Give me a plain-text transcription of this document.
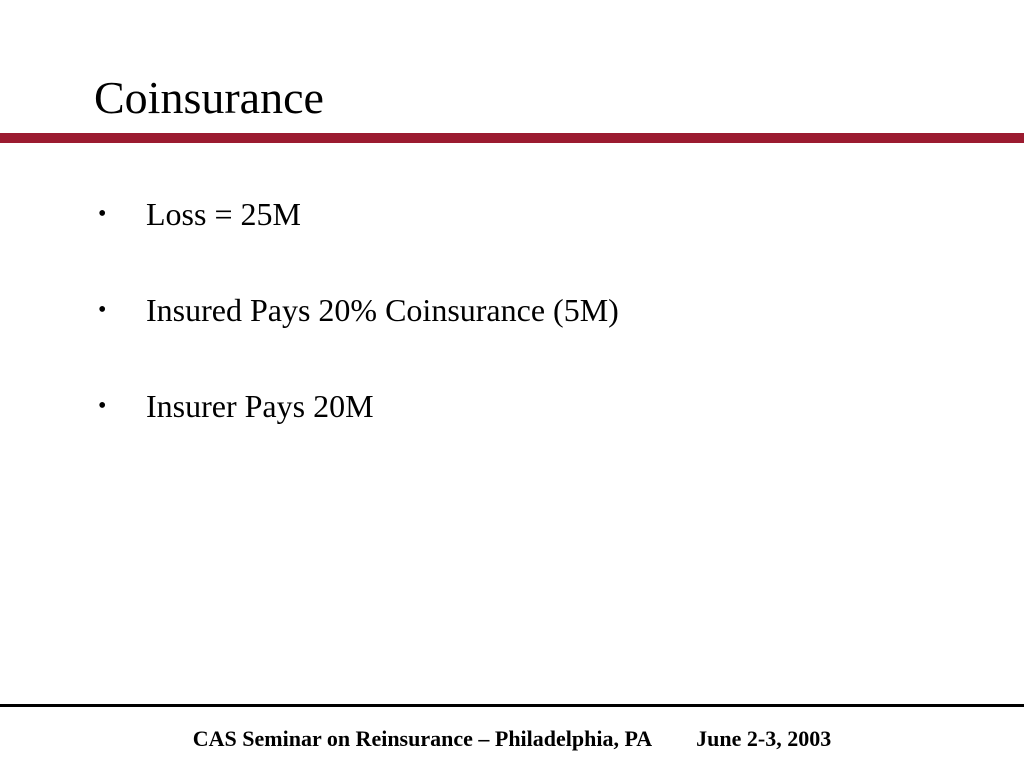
Coinsurance
•	Loss = 25M
•	Insured Pays 20% Coinsurance (5M)
•	Insurer Pays 20M
CAS Seminar on Reinsurance – Philadelphia, PA June 2-3, 2003
